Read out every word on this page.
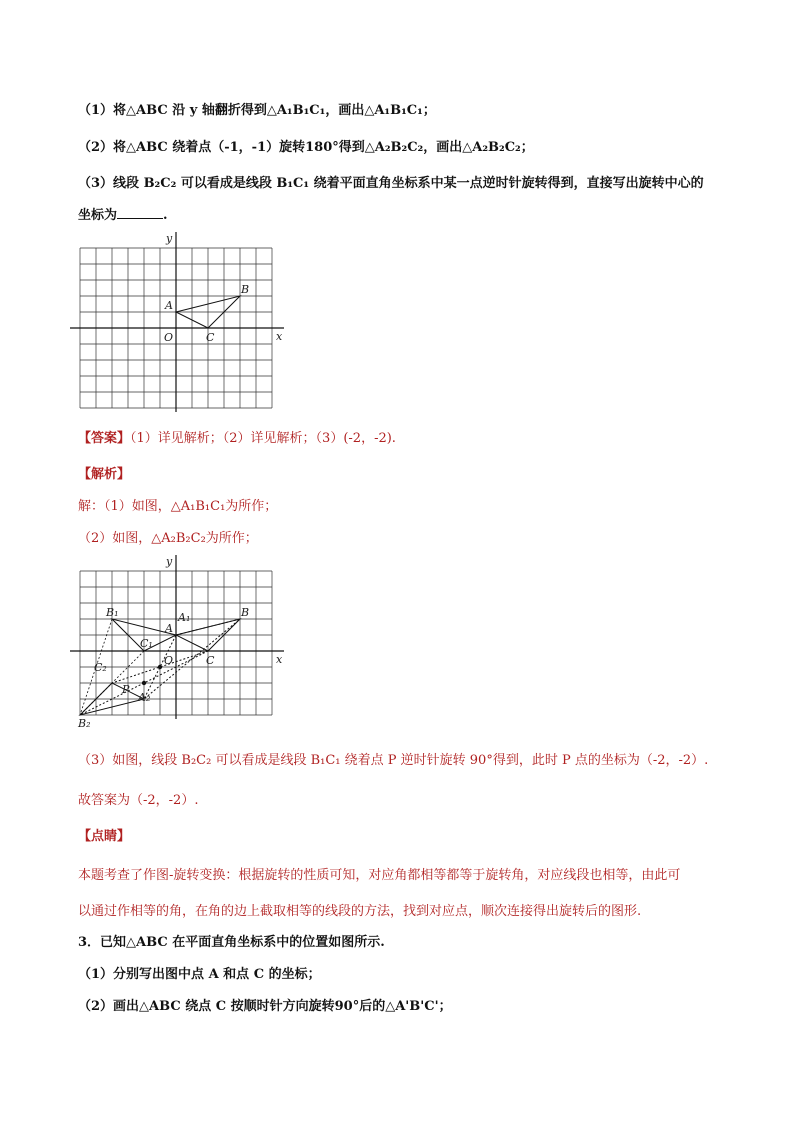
（1）将△ABC 沿 y 轴翻折得到△A₁B₁C₁，画出△A₁B₁C₁；
（2）将△ABC 绕着点（-1，-1）旋转180°得到△A₂B₂C₂，画出△A₂B₂C₂；
（3）线段 B₂C₂ 可以看成是线段 B₁C₁ 绕着平面直角坐标系中某一点逆时针旋转得到，直接写出旋转中心的
坐标为	.
y
x
A
B
O	C
【答案】（1）详见解析；（2）详见解析；（3）(-2，-2).
【解析】
解：（1）如图，△A₁B₁C₁为所作；
（2）如图，△A₂B₂C₂为所作；
y
x
B
A
A₁
B₁
C₁
O	C
C₂
P
A₂
B₂
（3）如图，线段 B₂C₂ 可以看成是线段 B₁C₁ 绕着点 P 逆时针旋转 90°得到，此时 P 点的坐标为（-2，-2）.
故答案为（-2，-2）.
【点睛】
本题考查了作图-旋转变换：根据旋转的性质可知，对应角都相等都等于旋转角，对应线段也相等，由此可
以通过作相等的角，在角的边上截取相等的线段的方法，找到对应点，顺次连接得出旋转后的图形.
3．已知△ABC 在平面直角坐标系中的位置如图所示.
（1）分别写出图中点 A 和点 C 的坐标；
（2）画出△ABC 绕点 C 按顺时针方向旋转90°后的△A'B'C'；
